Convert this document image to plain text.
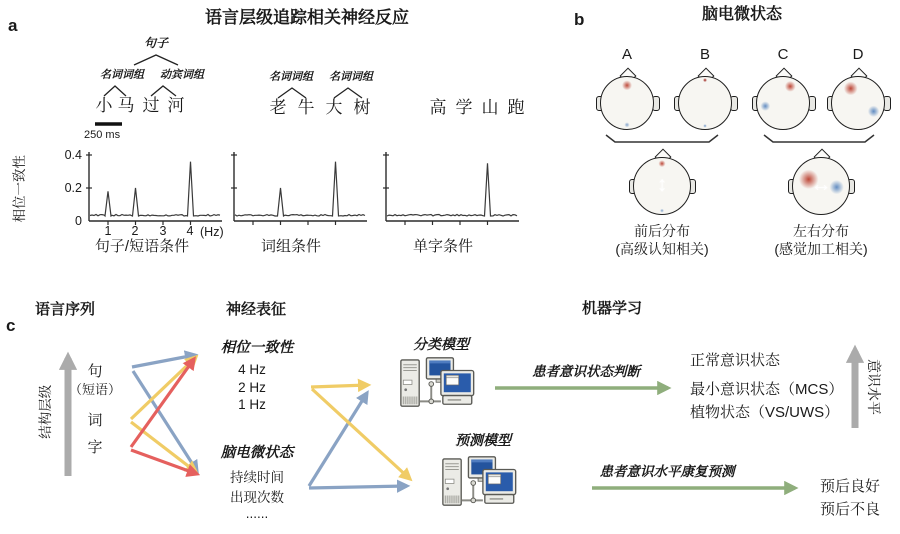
a	语言层级追踪相关神经反应
句子
名词词组	动宾词组
小 马 过 河
250 ms
名词词组	名词词组
老 牛 大 树	高 学 山 跑
相位一致性
0.4
0.2
0
1	2	3	4 (Hz)
句子/短语条件	词组条件	单字条件
b	脑电微状态
A	B	C	D
↕	↔
前后分布
(高级认知相关)
左右分布
(感觉加工相关)
c
语言序列	神经表征	机器学习
结构层级
句
（短语）
词
字
相位一致性
4 Hz
2 Hz
1 Hz
脑电微状态
持续时间
出现次数
......
分类模型
预测模型
患者意识状态判断
患者意识水平康复预测
正常意识状态
最小意识状态（MCS）
植物状态（VS/UWS） 意识水平
预后良好
预后不良
